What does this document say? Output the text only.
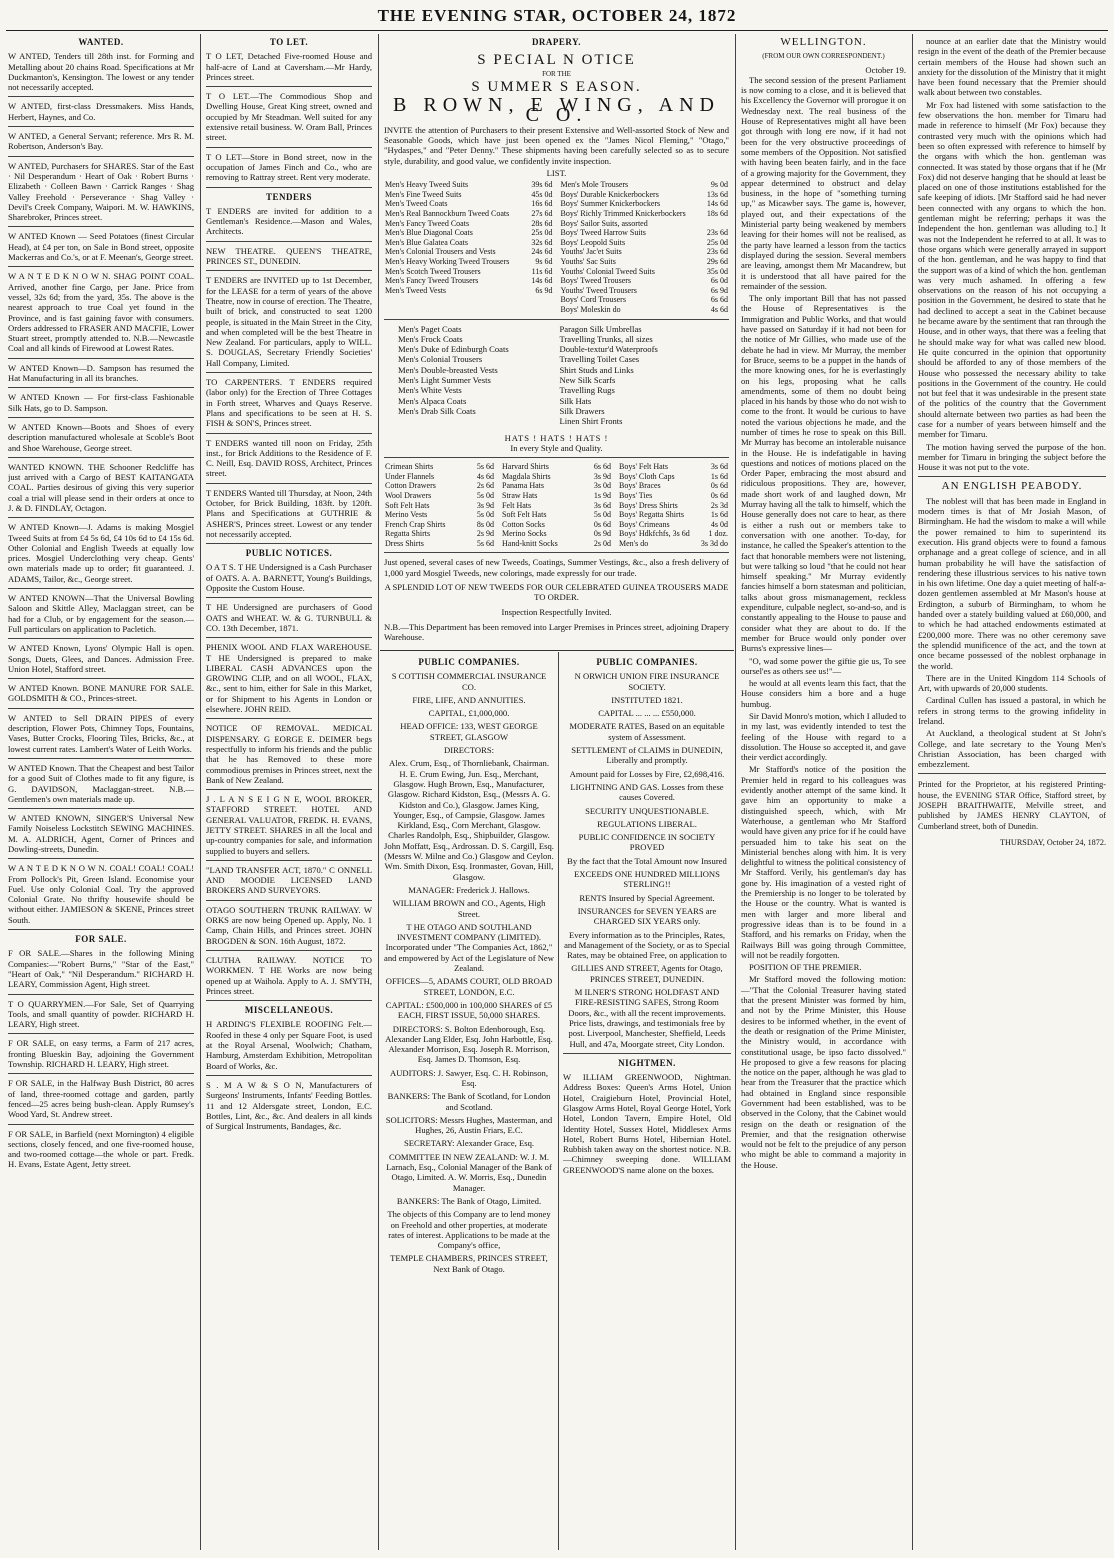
THE EVENING STAR, OCTOBER 24, 1872
WANTED.

W ANTED, Tenders till 28th inst. for Forming and Metalling about 20 chains Road. Specifications at Mr Duckmanton's, Kensington. The lowest or any tender not necessarily accepted.

W ANTED, first-class Dressmakers. Miss Hands, Herbert, Haynes, and Co.

W ANTED, a General Servant; reference. Mrs R. M. Robertson, Anderson's Bay.

W ANTED, Purchasers for SHARES. Star of the East · Nil Desperandum · Heart of Oak · Robert Burns · Elizabeth · Colleen Bawn · Carrick Ranges · Shag Valley Freehold · Perseverance · Shag Valley · Devil's Creek Company, Waipori. M. W. HAWKINS, Sharebroker, Princes street.

W ANTED Known — Seed Potatoes (finest Circular Head), at £4 per ton, on Sale in Bond street, opposite Mackerras and Co.'s, or at F. Meenan's, George street.

W A N T E D K N O W N. SHAG POINT COAL. Arrived, another fine Cargo, per Jane. Price from vessel, 32s 6d; from the yard, 35s. The above is the nearest approach to true Coal yet found in the Province, and is fast gaining favor with consumers. Orders addressed to FRASER AND MACFIE, Lower Stuart street, promptly attended to. N.B.—Newcastle Coal and all kinds of Firewood at Lowest Rates.

W ANTED Known—D. Sampson has resumed the Hat Manufacturing in all its branches.

W ANTED Known — For first-class Fashionable Silk Hats, go to D. Sampson.

W ANTED Known—Boots and Shoes of every description manufactured wholesale at Scoble's Boot and Shoe Warehouse, George street.

WANTED KNOWN. THE Schooner Redcliffe has just arrived with a Cargo of BEST KAITANGATA COAL. Parties desirous of giving this very superior coal a trial will please send in their orders at once to J. & D. FINDLAY, Octagon.

W ANTED Known—J. Adams is making Mosgiel Tweed Suits at from £4 5s 6d, £4 10s 6d to £4 15s 6d. Other Colonial and English Tweeds at equally low prices. Mosgiel Underclothing very cheap. Gents' own materials made up to order; fit guaranteed. J. ADAMS, Tailor, &c., George street.

W ANTED KNOWN—That the Universal Bowling Saloon and Skittle Alley, Maclaggan street, can be had for a Club, or by engagement for the season.—Full particulars on application to Pacletich.

W ANTED Known, Lyons' Olympic Hall is open. Songs, Duets, Glees, and Dances. Admission Free. Union Hotel, Stafford street.

W ANTED Known. BONE MANURE FOR SALE. GOLDSMITH & CO., Princes-street.

W ANTED to Sell DRAIN PIPES of every description, Flower Pots, Chimney Tops, Fountains, Vases, Butter Crocks, Flooring Tiles, Bricks, &c., at lowest current rates. Lambert's Water of Leith Works.

W ANTED Known. That the Cheapest and best Tailor for a good Suit of Clothes made to fit any figure, is G. DAVIDSON, Maclaggan-street. N.B.—Gentlemen's own materials made up.

W ANTED KNOWN, SINGER'S Universal New Family Noiseless Lockstitch SEWING MACHINES. M. A. ALDRICH, Agent, Corner of Princes and Dowling-streets, Dunedin.

W A N T E D K N O W N. COAL! COAL! COAL! From Pollock's Pit, Green Island. Economise your Fuel. Use only Colonial Coal. Try the approved Colonial Grate. No thrifty housewife should be without either. JAMIESON & SKENE, Princes street South.

FOR SALE.

F OR SALE.—Shares in the following Mining Companies:—"Robert Burns," "Star of the East," "Heart of Oak," "Nil Desperandum." RICHARD H. LEARY, Commission Agent, High street.

T O QUARRYMEN.—For Sale, Set of Quarrying Tools, and small quantity of powder. RICHARD H. LEARY, High street.

F OR SALE, on easy terms, a Farm of 217 acres, fronting Blueskin Bay, adjoining the Government Township. RICHARD H. LEARY, High street.

F OR SALE, in the Halfway Bush District, 80 acres of land, three-roomed cottage and garden, partly fenced—25 acres being bush-clean. Apply Rumsey's Wood Yard, St. Andrew street.

F OR SALE, in Barfield (next Mornington) 4 eligible sections, closely fenced, and one five-roomed house, and two-roomed cottage—the whole or part. Fredk. H. Evans, Estate Agent, Jetty street.

TO LET.

T O LET, Detached Five-roomed House and half-acre of Land at Caversham.—Mr Hardy, Princes street.

T O LET.—The Commodious Shop and Dwelling House, Great King street, owned and occupied by Mr Steadman. Well suited for any extensive retail business. W. Oram Ball, Princes street.

T O LET—Store in Bond street, now in the occupation of James Finch and Co., who are removing to Rattray street. Rent very moderate.

TENDERS

T ENDERS are invited for addition to a Gentleman's Residence.—Mason and Wales, Architects.

NEW THEATRE. QUEEN'S THEATRE, PRINCES ST., DUNEDIN.

T ENDERS are INVITED up to 1st December, for the LEASE for a term of years of the above Theatre, now in course of erection. The Theatre, built of brick, and constructed to seat 1200 people, is situated in the Main Street in the City, and when completed will be the best Theatre in New Zealand. For particulars, apply to WILL. S. DOUGLAS, Secretary Friendly Societies' Hall Company, Limited.

TO CARPENTERS. T ENDERS required (labor only) for the Erection of Three Cottages in Forth street, Wharves and Quays Reserve. Plans and specifications to be seen at H. S. FISH & SON'S, Princes street.

T ENDERS wanted till noon on Friday, 25th inst., for Brick Additions to the Residence of F. C. Neill, Esq. DAVID ROSS, Architect, Princes street.

T ENDERS Wanted till Thursday, at Noon, 24th October, for Brick Building, 183ft. by 120ft. Plans and Specifications at GUTHRIE & ASHER'S, Princes street. Lowest or any tender not necessarily accepted.

PUBLIC NOTICES.

O A T S. T HE Undersigned is a Cash Purchaser of OATS. A. A. BARNETT, Young's Buildings, Opposite the Custom House.

T HE Undersigned are purchasers of Good OATS and WHEAT. W. & G. TURNBULL & CO. 13th December, 1871.

PHENIX WOOL AND FLAX WAREHOUSE. T HE Undersigned is prepared to make LIBERAL CASH ADVANCES upon the GROWING CLIP, and on all WOOL, FLAX, &c., sent to him, either for Sale in this Market, or for Shipment to his Agents in London or elsewhere. JOHN REID.

NOTICE OF REMOVAL. MEDICAL DISPENSARY. G EORGE E. DEIMER begs respectfully to inform his friends and the public that he has Removed to these more commodious premises in Princes street, next the Bank of New Zealand.

J . L A N S E I G N E, WOOL BROKER, STAFFORD STREET. HOTEL AND GENERAL VALUATOR, FREDK. H. EVANS, JETTY STREET. SHARES in all the local and up-country companies for sale, and information supplied to buyers and sellers.

"LAND TRANSFER ACT, 1870." C ONNELL AND MOODIE LICENSED LAND BROKERS AND SURVEYORS.

OTAGO SOUTHERN TRUNK RAILWAY. W ORKS are now being Opened up. Apply, No. 1 Camp, Chain Hills, and Princes street. JOHN BROGDEN & SON. 16th August, 1872.

CLUTHA RAILWAY. NOTICE TO WORKMEN. T HE Works are now being opened up at Waihola. Apply to A. J. SMYTH, Princes street.

MISCELLANEOUS.

H ARDING'S FLEXIBLE ROOFING Felt.—Roofed in these 4 only per Square Foot, is used at the Royal Arsenal, Woolwich; Chatham, Hamburg, Amsterdam Exhibition, Metropolitan Board of Works, &c.

S . M A W & S O N, Manufacturers of Surgeons' Instruments, Infants' Feeding Bottles. 11 and 12 Aldersgate street, London, E.C. Bottles, Lint, &c., &c. And dealers in all kinds of Surgical Instruments, Bandages, &c.

DRAPERY.
S PECIAL N OTICE
FOR THE
S UMMER S EASON.
B ROWN, E WING, AND C O.

INVITE the attention of Purchasers to their present Extensive and Well-assorted Stock of New and Seasonable Goods, which have just been opened ex the "James Nicol Fleming," "Otago," "Hydaspes," and "Peter Denny." These shipments having been carefully selected so as to secure style, durability, and good value, we confidently invite inspection.

LIST.
Men's Heavy Tweed Suits	39s 6d
Men's Fine Tweed Suits	45s 0d
Men's Tweed Coats	16s 6d
Men's Real Bannockburn Tweed Coats	27s 6d
Men's Fancy Tweed Coats	28s 6d
Men's Blue Diagonal Coats	25s 0d
Men's Blue Galatea Coats	32s 6d
Men's Colonial Trousers and Vests	24s 6d
Men's Heavy Working Tweed Trousers	9s 6d
Men's Scotch Tweed Trousers	11s 6d
Men's Fancy Tweed Trousers	14s 6d
Men's Tweed Vests	6s 9d
Men's Mole Trousers	9s 0d
Boys' Durable Knickerbockers	13s 6d
Boys' Summer Knickerbockers	14s 6d
Boys' Richly Trimmed Knickerbockers	18s 6d
Boys' Sailor Suits, assorted	
Boys' Tweed Harrow Suits	23s 6d
Boys' Leopold Suits	25s 0d
Youths' Jac'et Suits	23s 6d
Youths' Sac Suits	29s 6d
Youths' Colonial Tweed Suits	35s 0d
Boys' Tweed Trousers	6s 0d
Youths' Tweed Trousers	6s 9d
Boys' Cord Trousers	6s 6d
Boys' Moleskin do	4s 6d
Men's Paget Coats
Men's Frock Coats
Men's Duke of Edinburgh Coats
Men's Colonial Trousers
Men's Double-breasted Vests
Men's Light Summer Vests
Men's White Vests
Men's Alpaca Coats
Men's Drab Silk Coats
Paragon Silk Umbrellas
Travelling Trunks, all sizes
Double-textur'd Waterproofs
Travelling Toilet Cases
Shirt Studs and Links
New Silk Scarfs
Travelling Rugs
Silk Hats
Silk Drawers
Linen Shirt Fronts
HATS ! HATS ! HATS !
In every Style and Quality.
Crimean Shirts	5s 6d
Under Flannels	4s 6d
Cotton Drawers	2s 6d
Wool Drawers	5s 0d
Soft Felt Hats	3s 9d
Merino Vests	5s 0d
French Crap Shirts	8s 0d
Regatta Shirts	2s 9d
Dress Shirts	5s 6d
Harvard Shirts	6s 6d
Magdala Shirts	3s 9d
Panama Hats	3s 0d
Straw Hats	1s 9d
Felt Hats	3s 6d
Soft Felt Hats	5s 0d
Cotton Socks	0s 6d
Merino Socks	0s 9d
Hand-knitt Socks	2s 0d
Boys' Felt Hats	3s 6d
Boys' Cloth Caps	1s 6d
Boys' Braces	0s 6d
Boys' Ties	0s 6d
Boys' Dress Shirts	2s 3d
Boys' Regatta Shirts	1s 6d
Boys' Crimeans	4s 0d
Boys' Hdkfchfs, 3s 6d	1 doz.
Men's do	3s 3d do

Just opened, several cases of new Tweeds, Coatings, Summer Vestings, &c., also a fresh delivery of 1,000 yard Mosgiel Tweeds, new colorings, made expressly for our trade.

A SPLENDID LOT OF NEW TWEEDS FOR OUR CELEBRATED GUINEA TROUSERS MADE TO ORDER.

Inspection Respectfully Invited.

N.B.—This Department has been removed into Larger Premises in Princes street, adjoining Drapery Warehouse.

PUBLIC COMPANIES.
S COTTISH COMMERCIAL INSURANCE CO.
FIRE, LIFE, AND ANNUITIES.
CAPITAL, £1,000,000.
HEAD OFFICE: 133, WEST GEORGE STREET, GLASGOW
DIRECTORS:
Alex. Crum, Esq., of Thornliebank, Chairman. H. E. Crum Ewing, Jun. Esq., Merchant, Glasgow. Hugh Brown, Esq., Manufacturer, Glasgow. Richard Kidston, Esq., (Messrs A. G. Kidston and Co.), Glasgow. James King, Younger, Esq., of Campsie, Glasgow. James Kirkland, Esq., Corn Merchant, Glasgow. Charles Randolph, Esq., Shipbuilder, Glasgow. John Moffatt, Esq., Ardrossan. D. S. Cargill, Esq. (Messrs W. Milne and Co.) Glasgow and Ceylon. Wm. Smith Dixon, Esq. Ironmaster, Govan, Hill, Glasgow.
MANAGER: Frederick J. Hallows.
WILLIAM BROWN and CO., Agents, High Street.
T HE OTAGO AND SOUTHLAND INVESTMENT COMPANY (LIMITED). Incorporated under "The Companies Act, 1862," and empowered by Act of the Legislature of New Zealand.
OFFICES—5, ADAMS COURT, OLD BROAD STREET, LONDON, E.C.
CAPITAL: £500,000 in 100,000 SHARES of £5 EACH, FIRST ISSUE, 50,000 SHARES.
DIRECTORS: S. Bolton Edenborough, Esq. Alexander Lang Elder, Esq. John Harbottle, Esq. Alexander Morrison, Esq. Joseph R. Morrison, Esq. James D. Thomson, Esq.
AUDITORS: J. Sawyer, Esq. C. H. Robinson, Esq.
BANKERS: The Bank of Scotland, for London and Scotland.
SOLICITORS: Messrs Hughes, Masterman, and Hughes, 26, Austin Friars, E.C.
SECRETARY: Alexander Grace, Esq.
COMMITTEE IN NEW ZEALAND: W. J. M. Larnach, Esq., Colonial Manager of the Bank of Otago, Limited. A. W. Morris, Esq., Dunedin Manager.
BANKERS: The Bank of Otago, Limited.
The objects of this Company are to lend money on Freehold and other properties, at moderate rates of interest. Applications to be made at the Company's office,
TEMPLE CHAMBERS, PRINCES STREET, Next Bank of Otago.
PUBLIC COMPANIES.
N ORWICH UNION FIRE INSURANCE SOCIETY.
INSTITUTED 1821.
CAPITAL ... ... ... £550,000.
MODERATE RATES, Based on an equitable system of Assessment.
SETTLEMENT of CLAIMS in DUNEDIN, Liberally and promptly.
Amount paid for Losses by Fire, £2,698,416.
LIGHTNING AND GAS. Losses from these causes Covered.
SECURITY UNQUESTIONABLE.
REGULATIONS LIBERAL.
PUBLIC CONFIDENCE IN SOCIETY PROVED
By the fact that the Total Amount now Insured
EXCEEDS ONE HUNDRED MILLIONS STERLING!!
RENTS Insured by Special Agreement.
INSURANCES for SEVEN YEARS are CHARGED SIX YEARS only.
Every information as to the Principles, Rates, and Management of the Society, or as to Special Rates, may be obtained Free, on application to
GILLIES AND STREET, Agents for Otago, PRINCES STREET, DUNEDIN.
M ILNER'S STRONG HOLDFAST AND FIRE-RESISTING SAFES, Strong Room Doors, &c., with all the recent improvements. Price lists, drawings, and testimonials free by post. Liverpool, Manchester, Sheffield, Leeds Hull, and 47a, Moorgate street, City London.
NIGHTMEN.

W ILLIAM GREENWOOD, Nightman. Address Boxes: Queen's Arms Hotel, Union Hotel, Craigieburn Hotel, Provincial Hotel, Glasgow Arms Hotel, Royal George Hotel, York Hotel, London Tavern, Empire Hotel, Old Identity Hotel, Sussex Hotel, Middlesex Arms Hotel, Robert Burns Hotel, Hibernian Hotel. Rubbish taken away on the shortest notice. N.B.—Chimney sweeping done. WILLIAM GREENWOOD'S name alone on the boxes.

WELLINGTON.
(FROM OUR OWN CORRESPONDENT.)
October 19.

The second session of the present Parliament is now coming to a close, and it is believed that his Excellency the Governor will prorogue it on Wednesday next. The real business of the House of Representatives might all have been got through with long ere now, if it had not been for the very obstructive proceedings of some members of the Opposition. Not satisfied with having been beaten fairly, and in the face of a growing majority for the Government, they appear determined to obstruct and delay business, in the hope of "something turning up," as Micawber says. The game is, however, played out, and their expectations of the Ministerial party being weakened by members leaving for their homes will not be realised, as the party have learned a lesson from the tactics displayed during the session. Several members are leaving, amongst them Mr Macandrew, but it is understood that all have paired for the remainder of the session.

The only important Bill that has not passed the House of Representatives is the Immigration and Public Works, and that would have passed on Saturday if it had not been for the notice of Mr Gillies, who made use of the debate he had in view. Mr Murray, the member for Bruce, seems to be a puppet in the hands of the more knowing ones, for he is everlastingly on his legs, proposing what he calls amendments, some of them no doubt being placed in his hands by those who do not wish to come to the front. It would be curious to have noted the various objections he made, and the number of times he rose to speak on this Bill. Mr Murray has become an intolerable nuisance in the House. He is indefatigable in having questions and notices of motions placed on the Order Paper, embracing the most absurd and ridiculous propositions. They are, however, made short work of and laughed down, Mr Murray having all the talk to himself, which the House generally does not care to hear, as there is either a rush out or members take to conversation with one another. To-day, for instance, he called the Speaker's attention to the fact that honorable members were not listening, but were talking so loud "that he could not hear himself speaking." Mr Murray evidently fancies himself a born statesman and politician, talks about gross mismanagement, reckless expenditure, culpable neglect, so-and-so, and is constantly appealing to the House to pause and consider what they are about to do. If the member for Bruce would only ponder over Burns's expressive lines—

"O, wad some power the giftie gie us, To see oursel'es as others see us!"—

he would at all events learn this fact, that the House considers him a bore and a huge humbug.

Sir David Monro's motion, which I alluded to in my last, was evidently intended to test the feeling of the House with regard to a dissolution. The House so accepted it, and gave their verdict accordingly.

Mr Stafford's notice of the position the Premier held in regard to his colleagues was evidently another attempt of the same kind. It gave him an opportunity to make a distinguished speech, which, with Mr Waterhouse, a gentleman who Mr Stafford would have given any price for if he could have persuaded him to take his seat on the Ministerial benches along with him. It is very delightful to witness the political consistency of Mr Stafford. Verily, his gentleman's day has gone by. His imagination of a vested right of the Premiership is no longer to be tolerated by the House or the country. What is wanted is men with larger and more liberal and progressive ideas than is to be found in a Stafford, and his remarks on Friday, when the Railways Bill was going through Committee, will not be readily forgotten.

POSITION OF THE PREMIER.

Mr Stafford moved the following motion:—"That the Colonial Treasurer having stated that the present Minister was formed by him, and not by the Prime Minister, this House desires to be informed whether, in the event of the death or resignation of the Prime Minister, the Ministry would, in accordance with constitutional usage, be ipso facto dissolved." He proposed to give a few reasons for placing the notice on the paper, although he was glad to hear from the Treasurer that the practice which had obtained in England since responsible Government had been established, was to be observed in the Colony, that the Cabinet would resign on the death or resignation of the Premier, and that the resignation otherwise would not be felt to the prejudice of any person who might be able to command a majority in the House.

nounce at an earlier date that the Ministry would resign in the event of the death of the Premier because certain members of the House had shown such an anxiety for the dissolution of the Ministry that it might have been found necessary that the Premier should walk about between two constables.

Mr Fox had listened with some satisfaction to the few observations the hon. member for Timaru had made in reference to himself (Mr Fox) because they contrasted very much with the opinions which had been so often expressed with reference to himself by the organs with which the hon. gentleman was connected. It was stated by those organs that if he (Mr Fox) did not deserve hanging that he should at least be placed on one of those institutions established for the safe keeping of idiots. [Mr Stafford said he had never been connected with any organs to which the hon. gentleman might be referring; perhaps it was the Independent the hon. gentleman was alluding to.] It was not the Independent he referred to at all. It was to those organs which were generally arrayed in support of the hon. gentleman, and he was happy to find that the support was of a kind of which the hon. gentleman was very much ashamed. In offering a few observations on the reason of his not occupying a position in the Government, he desired to state that he had declined to accept a seat in the Cabinet because he became aware by the sentiment that ran through the House, and in other ways, that there was a feeling that he should make way for what was called new blood. He quite concurred in the opinion that opportunity should be afforded to any of those members of the House who possessed the necessary ability to take positions in the Government of the country. He could not but feel that it was undesirable in the present state of the politics of the country that the Government should alternate between two parties as had been the case for a number of years between himself and the member for Timaru.

The motion having served the purpose of the hon. member for Timaru in bringing the subject before the House it was not put to the vote.

AN ENGLISH PEABODY.

The noblest will that has been made in England in modern times is that of Mr Josiah Mason, of Birmingham. He had the wisdom to make a will while the power remained to him to superintend its execution. His grand objects were to found a famous orphanage and a great college of science, and in all human probability he will have the satisfaction of rendering these illustrious services to his native town in his own lifetime. One day a quiet meeting of half-a-dozen gentlemen assembled at Mr Mason's house at Erdington, a suburb of Birmingham, to whom he handed over a stately building valued at £60,000, and to which he had attached endowments estimated at £200,000 more. There was no other ceremony save the splendid munificence of the act, and the town at once became possessed of the noblest orphanage in the world.

There are in the United Kingdom 114 Schools of Art, with upwards of 20,000 students.

Cardinal Cullen has issued a pastoral, in which he refers in strong terms to the growing infidelity in Ireland.

At Auckland, a theological student at St John's College, and late secretary to the Young Men's Christian Association, has been charged with embezzlement.

Printed for the Proprietor, at his registered Printing-house, the EVENING STAR Office, Stafford street, by JOSEPH BRAITHWAITE, Melville street, and published by JAMES HENRY CLAYTON, of Cumberland street, both of Dunedin.

THURSDAY, October 24, 1872.
